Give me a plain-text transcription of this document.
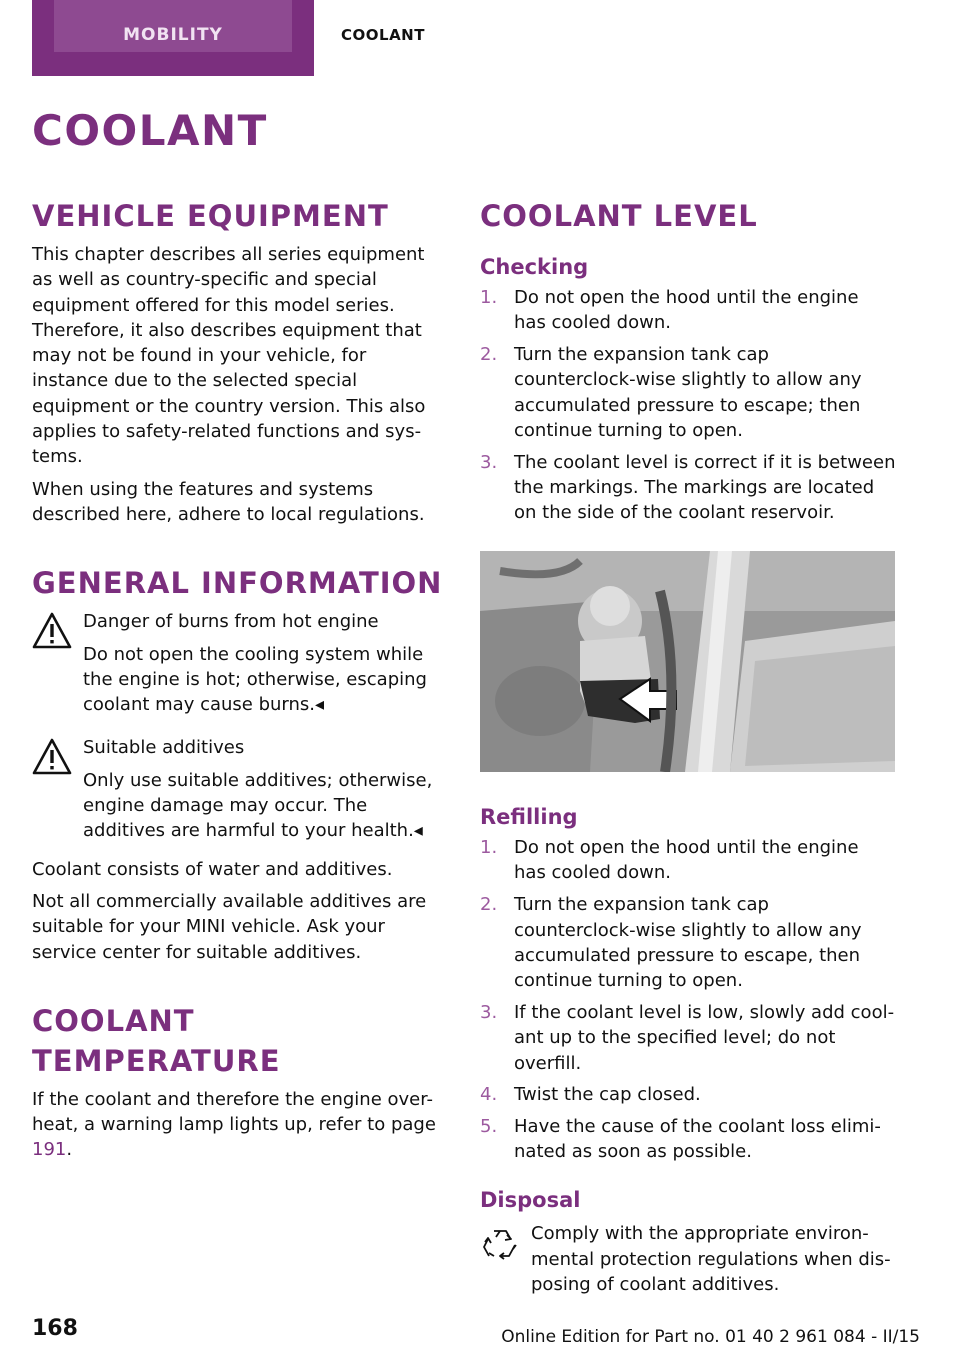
MOBILITY	COOLANT
COOLANT
VEHICLE EQUIPMENT

This chapter describes all series equipment as well as country-specific and special equipment offered for this model series. Therefore, it also describes equipment that may not be found in your vehicle, for instance due to the selected special equipment or the country version. This also applies to safety-related functions and sys-tems.

When using the features and systems described here, adhere to local regulations.

GENERAL INFORMATION

Danger of burns from hot engine

Do not open the cooling system while the engine is hot; otherwise, escaping coolant may cause burns.◂

Suitable additives

Only use suitable additives; otherwise, engine damage may occur. The additives are harmful to your health.◂

Coolant consists of water and additives.

Not all commercially available additives are suitable for your MINI vehicle. Ask your service center for suitable additives.

COOLANT TEMPERATURE

If the coolant and therefore the engine over-heat, a warning lamp lights up, refer to page 191.

COOLANT LEVEL
Checking
1. Do not open the hood until the engine has cooled down.
2. Turn the expansion tank cap counterclock-wise slightly to allow any accumulated pressure to escape; then continue turning to open.
3. The coolant level is correct if it is between the markings. The markings are located on the side of the coolant reservoir.
Refilling
1. Do not open the hood until the engine has cooled down.
2. Turn the expansion tank cap counterclock-wise slightly to allow any accumulated pressure to escape, then continue turning to open.
3. If the coolant level is low, slowly add cool-ant up to the specified level; do not overfill.
4. Twist the cap closed.
5. Have the cause of the coolant loss elimi-nated as soon as possible.
Disposal

Comply with the appropriate environ-mental protection regulations when dis-posing of coolant additives.

168	Online Edition for Part no. 01 40 2 961 084 - II/15
